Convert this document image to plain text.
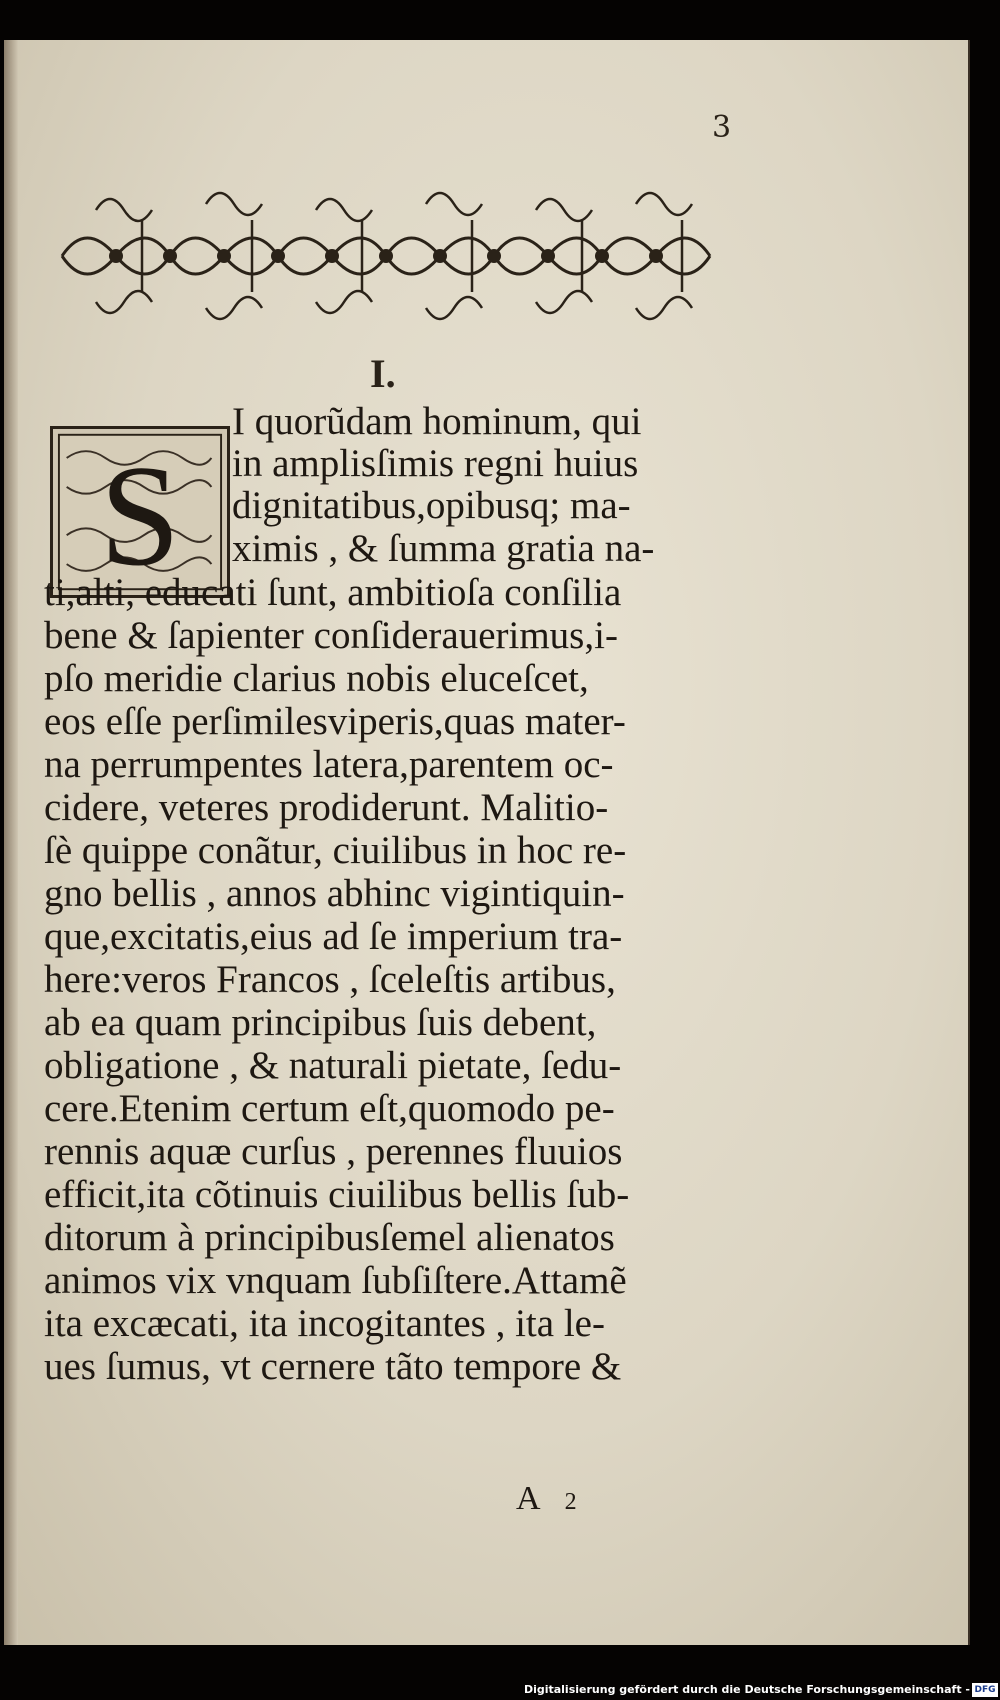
3
I.
S
I quorũdam hominum, qui
in amplisſimis regni huius
dignitatibus,opibusq; ma-
ximis , & ſumma gratia na-
ti,alti, educati ſunt, ambitioſa conſilia
bene & ſapienter conſiderauerimus,i-
pſo meridie clarius nobis eluceſcet,
eos eſſe perſimilesviperis,quas mater-
na perrumpentes latera,parentem oc-
cidere, veteres prodiderunt. Malitio-
ſè quippe conãtur, ciuilibus in hoc re-
gno bellis , annos abhinc vigintiquin-
que,excitatis,eius ad ſe imperium tra-
here:veros Francos , ſceleſtis artibus,
ab ea quam principibus ſuis debent,
obligatione , & naturali pietate, ſedu-
cere.Etenim certum eſt,quomodo pe-
rennis aquæ curſus , perennes fluuios
efficit,ita cõtinuis ciuilibus bellis ſub-
ditorum à principibusſemel alienatos
animos vix vnquam ſubſiſtere.Attamẽ
ita excæcati, ita incogitantes , ita le-
ues ſumus, vt cernere tãto tempore &
A 2
Digitalisierung gefördert durch die Deutsche Forschungsgemeinschaft - DFG
